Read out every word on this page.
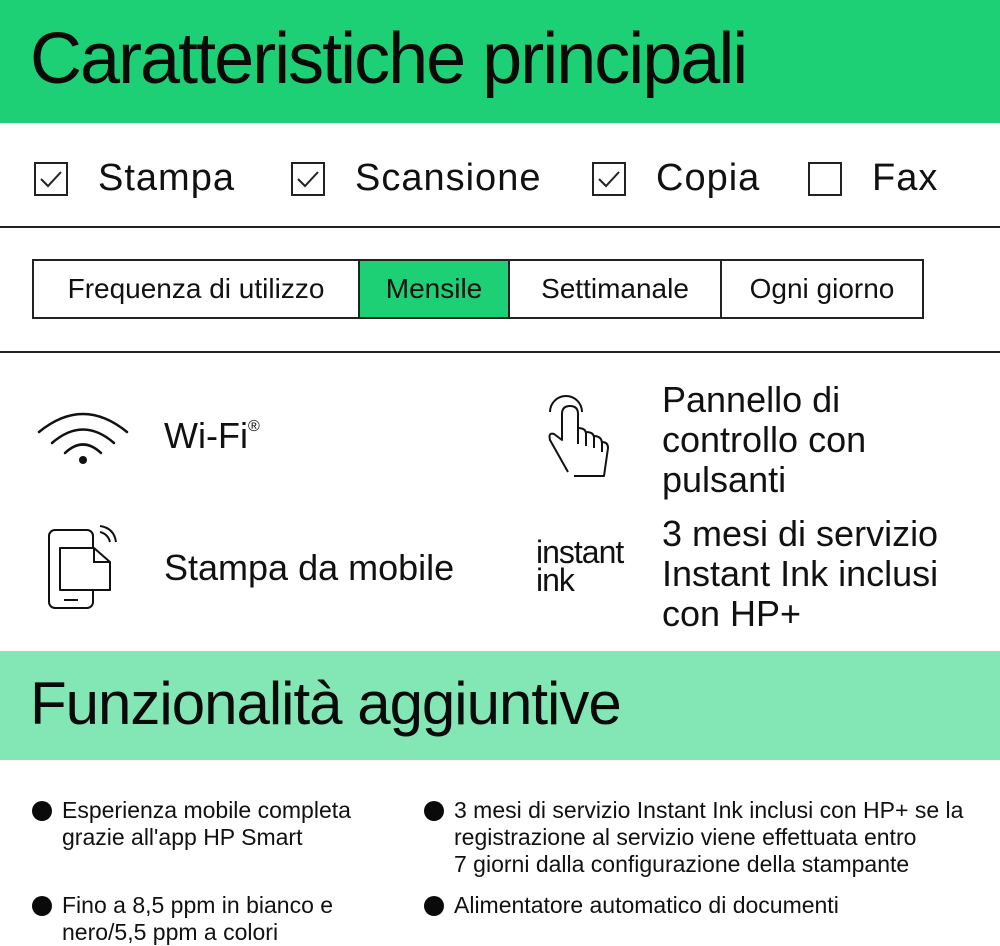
Caratteristiche principali
Stampa	Scansione	Copia	Fax
Frequenza di utilizzo	Mensile	Settimanale	Ogni giorno
Wi-Fi®
Pannello di
controllo con
pulsanti
Stampa da mobile	instant
ink
3 mesi di servizio
Instant Ink inclusi
con HP+
Funzionalità aggiuntive
Esperienza mobile completa
grazie all'app HP Smart
3 mesi di servizio Instant Ink inclusi con HP+ se la
registrazione al servizio viene effettuata entro
7 giorni dalla configurazione della stampante
Fino a 8,5 ppm in bianco e
nero/5,5 ppm a colori
Alimentatore automatico di documenti
